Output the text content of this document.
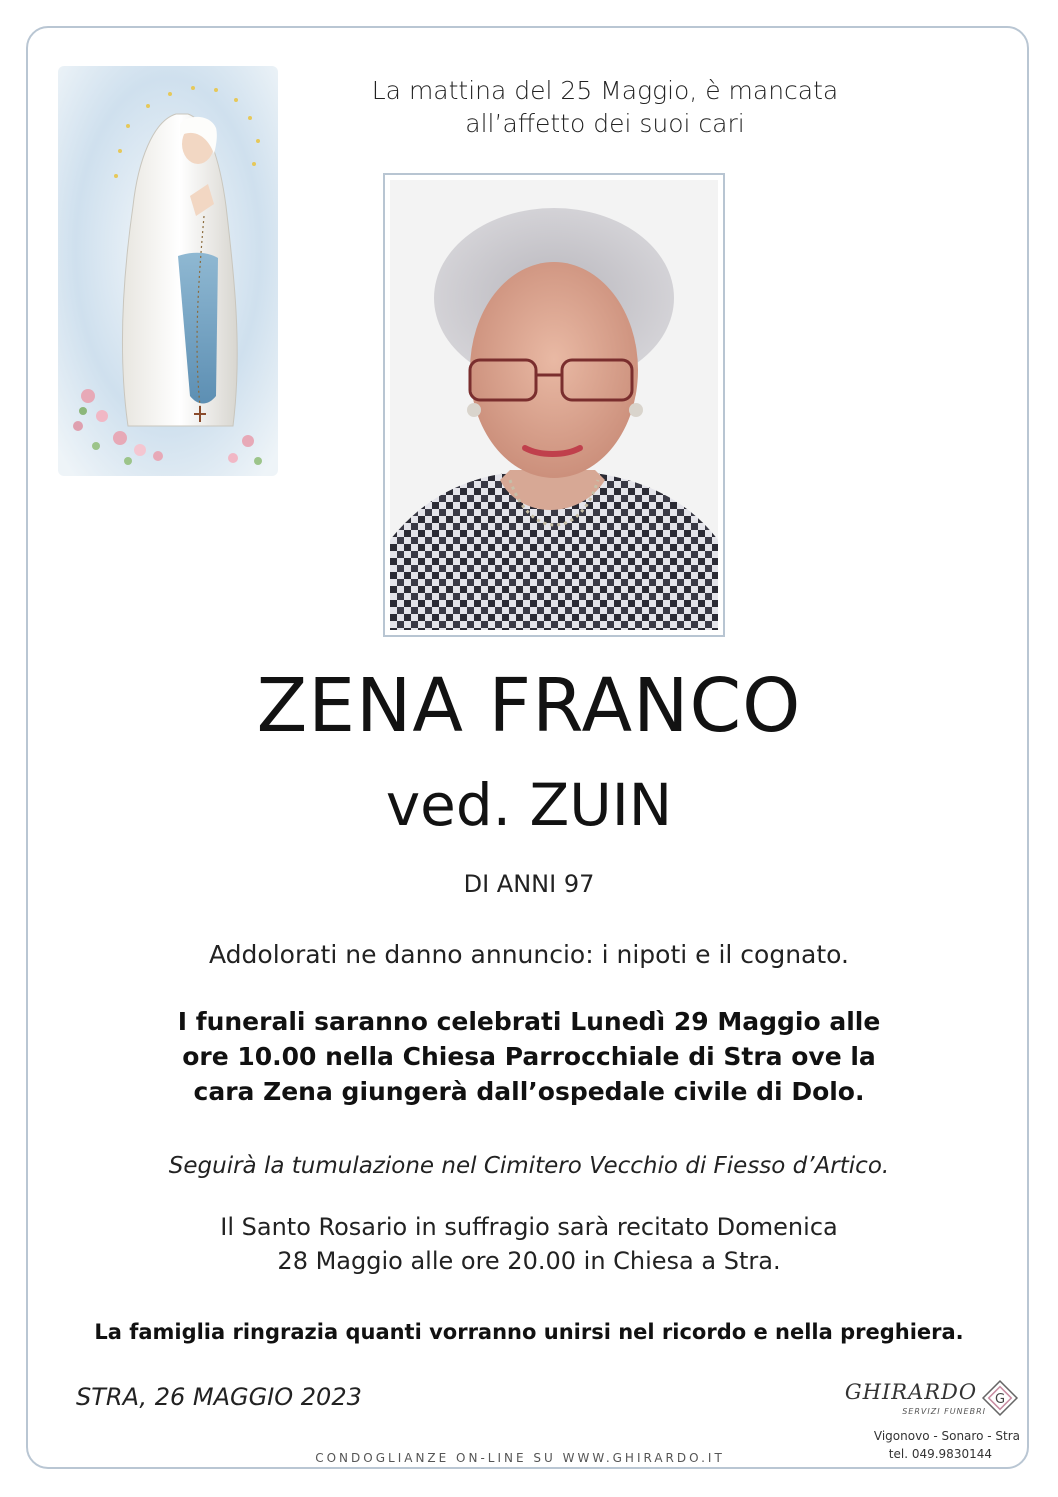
La mattina del 25 Maggio, è mancata
all’affetto dei suoi cari
ZENA FRANCO
ved. ZUIN
DI ANNI 97
Addolorati ne danno annuncio: i nipoti e il cognato.
I funerali saranno celebrati Lunedì 29 Maggio alle
ore 10.00 nella Chiesa Parrocchiale di Stra ove la
cara Zena giungerà dall’ospedale civile di Dolo.
Seguirà la tumulazione nel Cimitero Vecchio di Fiesso d’Artico.
Il Santo Rosario in suffragio sarà recitato Domenica
28 Maggio alle ore 20.00 in Chiesa a Stra.
La famiglia ringrazia quanti vorranno unirsi nel ricordo e nella preghiera.
STRA, 26 MAGGIO 2023
CONDOGLIANZE ON-LINE SU WWW.GHIRARDO.IT
GHIRARDO
SERVIZI FUNEBRI
G
Vigonovo - Sonaro - Stra
tel. 049.9830144
